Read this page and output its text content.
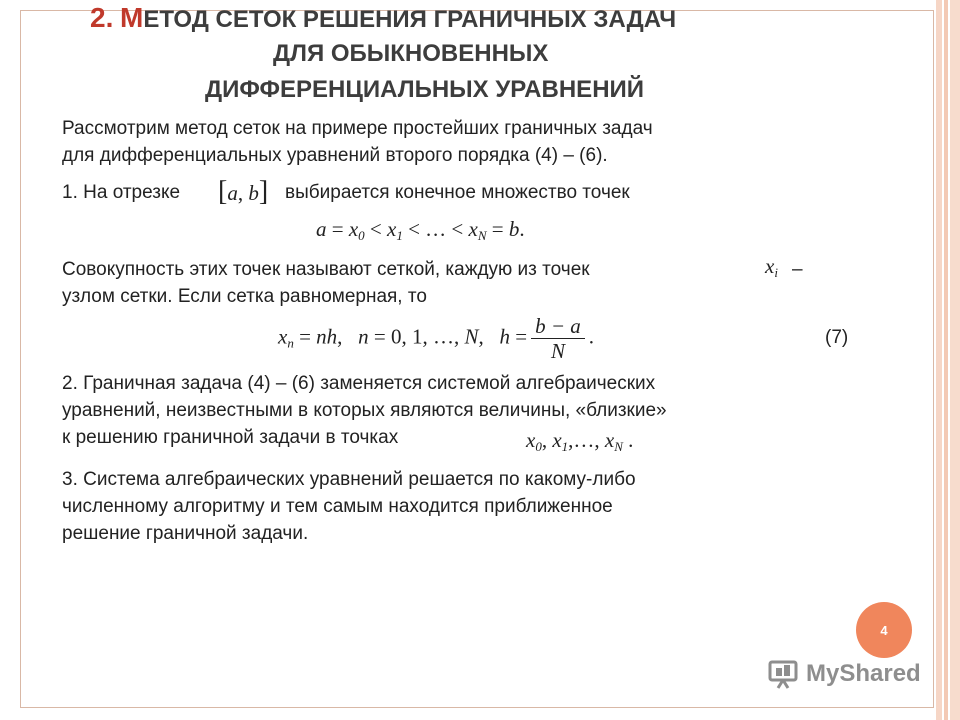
2. МЕТОД СЕТОК РЕШЕНИЯ ГРАНИЧНЫХ ЗАДАЧ
ДЛЯ ОБЫКНОВЕННЫХ
ДИФФЕРЕНЦИАЛЬНЫХ УРАВНЕНИЙ
Рассмотрим метод сеток на примере простейших граничных задач
для дифференциальных уравнений второго порядка (4) – (6).
1. На отрезке [a, b] выбирается конечное множество точек
$a = x_0 < x_1$ < … < $x_N = b$.
Совокупность этих точек называют сеткой, каждую из точек	$x_i$ –
узлом сетки. Если сетка равномерная, то
$x_n$ = nh,   n = 0, 1, …, N,   $h = \frac{b - a}{N}$ .	(7)
2. Граничная задача (4) – (6) заменяется системой алгебраических
уравнений, неизвестными в которых являются величины, «близкие»
к решению граничной задачи в точках	$x_0$, $x_1,\dots$, $x_N$ .
3. Система алгебраических уравнений решается по какому-либо
численному алгоритму и тем самым находится приближенное
решение граничной задачи.
4
MyShared
